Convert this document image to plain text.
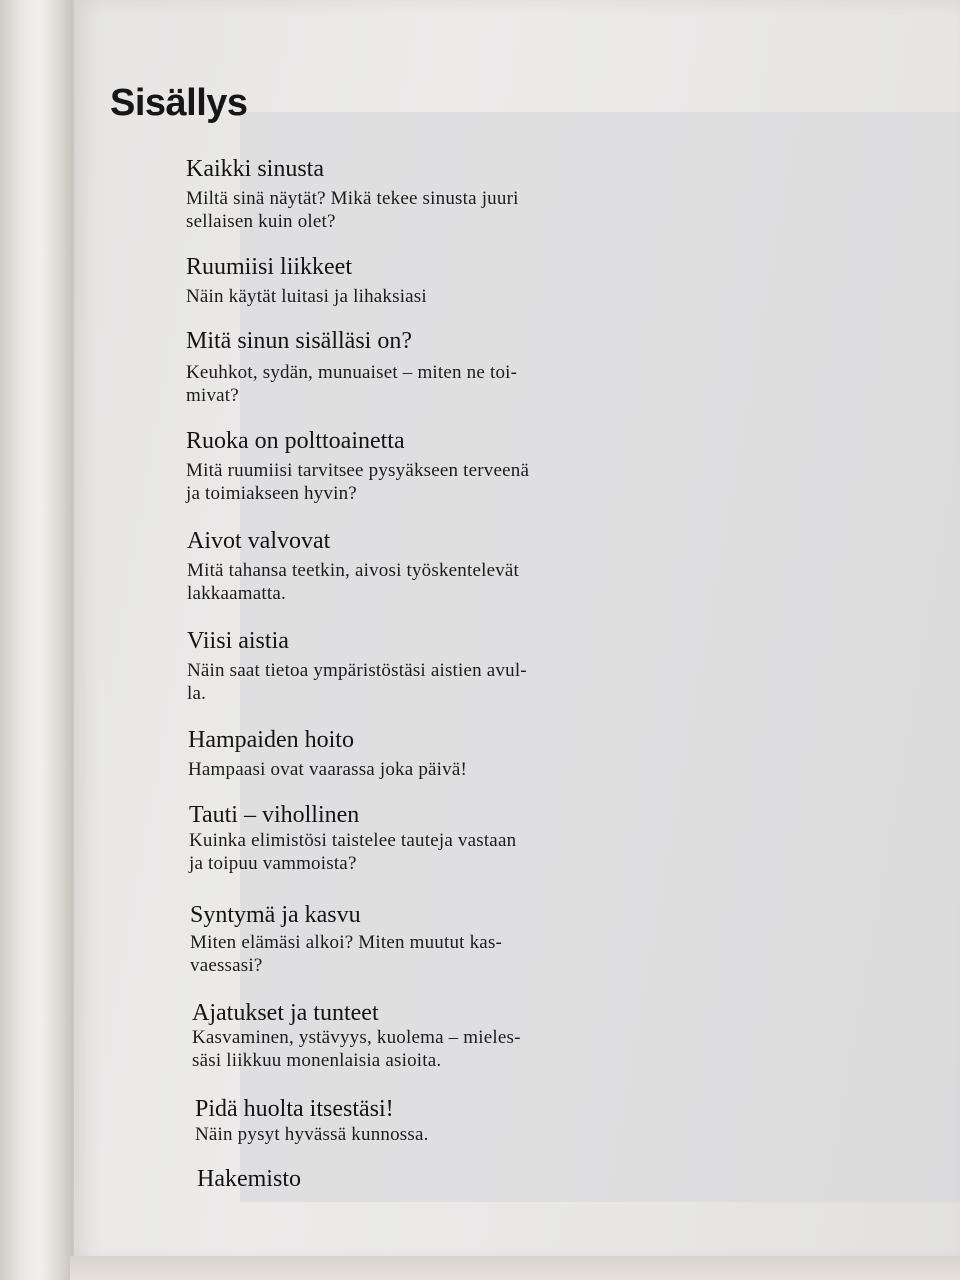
Sisällys
Kaikki sinusta
Miltä sinä näytät? Mikä tekee sinusta juuri
sellaisen kuin olet?
Ruumiisi liikkeet
Näin käytät luitasi ja lihaksiasi
Mitä sinun sisälläsi on?
Keuhkot, sydän, munuaiset – miten ne toi-
mivat?
Ruoka on polttoainetta
Mitä ruumiisi tarvitsee pysyäkseen terveenä
ja toimiakseen hyvin?
Aivot valvovat
Mitä tahansa teetkin, aivosi työskentelevät
lakkaamatta.
Viisi aistia
Näin saat tietoa ympäristöstäsi aistien avul-
la.
Hampaiden hoito
Hampaasi ovat vaarassa joka päivä!
Tauti – vihollinen
Kuinka elimistösi taistelee tauteja vastaan
ja toipuu vammoista?
Syntymä ja kasvu
Miten elämäsi alkoi? Miten muutut kas-
vaessasi?
Ajatukset ja tunteet
Kasvaminen, ystävyys, kuolema – mieles-
säsi liikkuu monenlaisia asioita.
Pidä huolta itsestäsi!
Näin pysyt hyvässä kunnossa.
Hakemisto
